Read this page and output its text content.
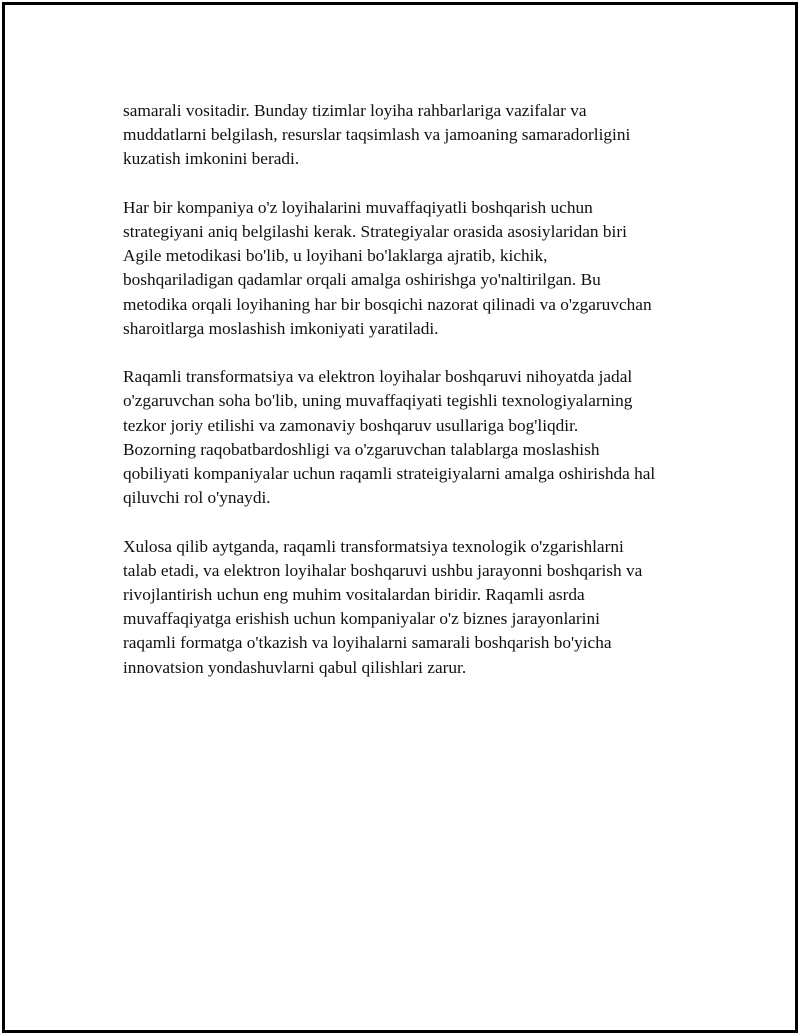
samarali vositadir. Bunday tizimlar loyiha rahbarlariga vazifalar va
muddatlarni belgilash, resurslar taqsimlash va jamoaning samaradorligini
kuzatish imkonini beradi.

Har bir kompaniya o'z loyihalarini muvaffaqiyatli boshqarish uchun
strategiyani aniq belgilashi kerak. Strategiyalar orasida asosiylaridan biri
Agile metodikasi bo'lib, u loyihani bo'laklarga ajratib, kichik,
boshqariladigan qadamlar orqali amalga oshirishga yo'naltirilgan. Bu
metodika orqali loyihaning har bir bosqichi nazorat qilinadi va o'zgaruvchan
sharoitlarga moslashish imkoniyati yaratiladi.

Raqamli transformatsiya va elektron loyihalar boshqaruvi nihoyatda jadal
o'zgaruvchan soha bo'lib, uning muvaffaqiyati tegishli texnologiyalarning
tezkor joriy etilishi va zamonaviy boshqaruv usullariga bog'liqdir.
Bozorning raqobatbardoshligi va o'zgaruvchan talablarga moslashish
qobiliyati kompaniyalar uchun raqamli strateigiyalarni amalga oshirishda hal
qiluvchi rol o'ynaydi.

Xulosa qilib aytganda, raqamli transformatsiya texnologik o'zgarishlarni
talab etadi, va elektron loyihalar boshqaruvi ushbu jarayonni boshqarish va
rivojlantirish uchun eng muhim vositalardan biridir. Raqamli asrda
muvaffaqiyatga erishish uchun kompaniyalar o'z biznes jarayonlarini
raqamli formatga o'tkazish va loyihalarni samarali boshqarish bo'yicha
innovatsion yondashuvlarni qabul qilishlari zarur.
